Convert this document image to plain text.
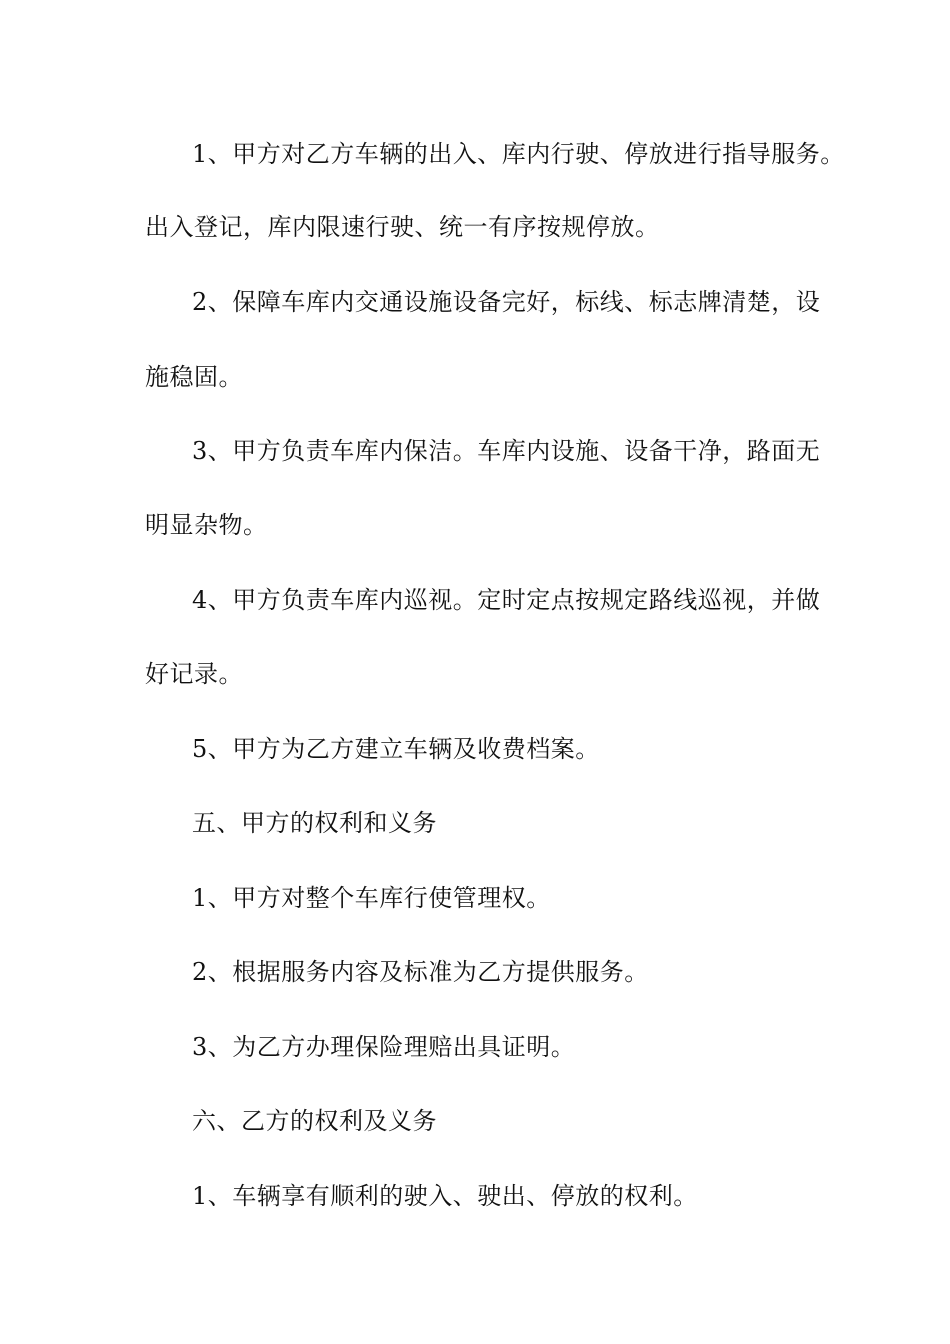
1、甲方对乙方车辆的出入、库内行驶、停放进行指导服务。
出入登记，库内限速行驶、统一有序按规停放。
2、保障车库内交通设施设备完好，标线、标志牌清楚，设
施稳固。
3、甲方负责车库内保洁。车库内设施、设备干净，路面无
明显杂物。
4、甲方负责车库内巡视。定时定点按规定路线巡视，并做
好记录。
5、甲方为乙方建立车辆及收费档案。
五、甲方的权利和义务
1、甲方对整个车库行使管理权。
2、根据服务内容及标准为乙方提供服务。
3、为乙方办理保险理赔出具证明。
六、乙方的权利及义务
1、车辆享有顺利的驶入、驶出、停放的权利。
